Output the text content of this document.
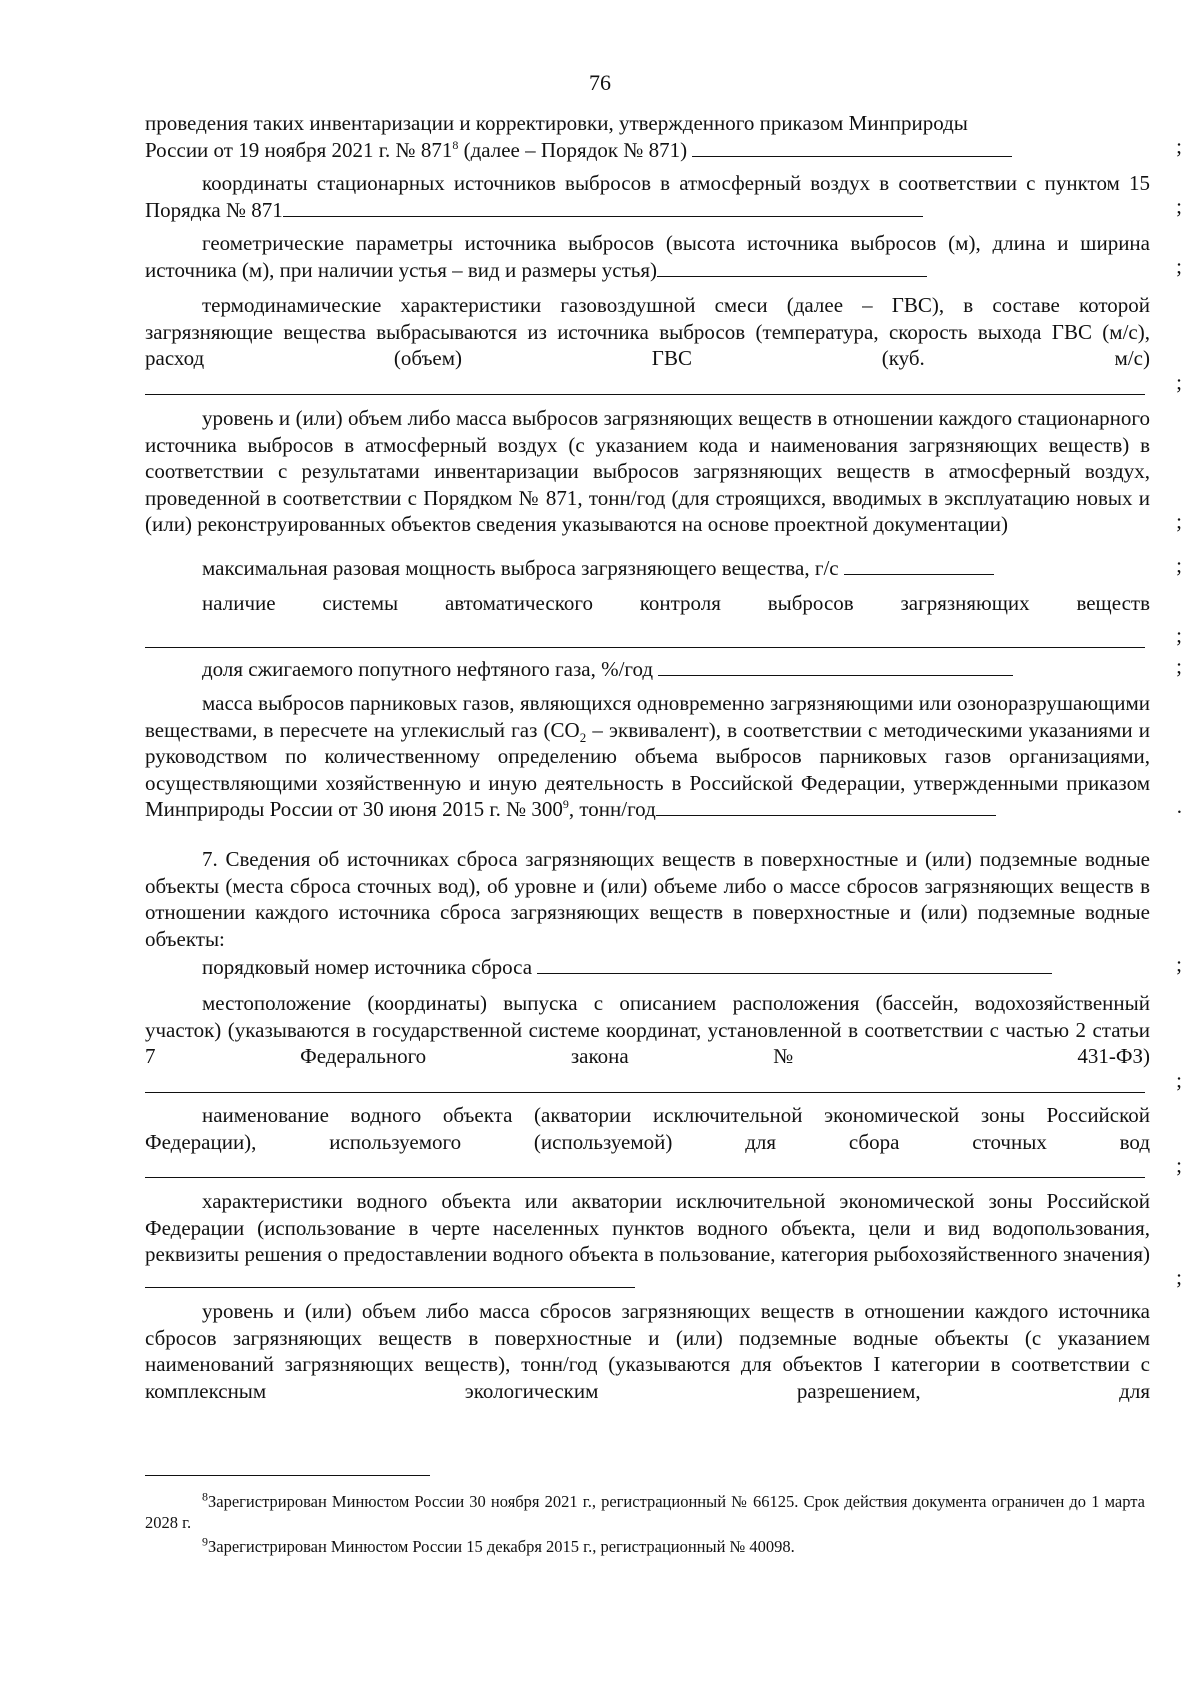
76
проведения таких инвентаризации и корректировки, утвержденного приказом Минприроды
России от 19 ноября 2021 г. № $871^8$ (далее – Порядок № 871)	;
координаты стационарных источников выбросов в атмосферный воздух в соответствии с пунктом 15 Порядка № 871	;
геометрические параметры источника выбросов (высота источника выбросов (м), длина и ширина источника (м), при наличии устья – вид и размеры устья)	;
термодинамические характеристики газовоздушной смеси (далее – ГВС), в составе которой загрязняющие вещества выбрасываются из источника выбросов (температура, скорость выхода ГВС (м/с), расход (объем) ГВС (куб. м/с)
;
уровень и (или) объем либо масса выбросов загрязняющих веществ в отношении каждого стационарного источника выбросов в атмосферный воздух (с указанием кода и наименования загрязняющих веществ) в соответствии с результатами инвентаризации выбросов загрязняющих веществ в атмосферный воздух, проведенной в соответствии с Порядком № 871, тонн/год (для строящихся, вводимых в эксплуатацию новых и (или) реконструированных объектов сведения указываются на основе проектной документации)	;
максимальная разовая мощность выброса загрязняющего вещества, г/с	;
наличие системы автоматического контроля выбросов загрязняющих веществ
;
доля сжигаемого попутного нефтяного газа, %/год	;
масса выбросов парниковых газов, являющихся одновременно загрязняющими или озоноразрушающими веществами, в пересчете на углекислый газ ($CO_2$ – эквивалент), в соответствии с методическими указаниями и руководством по количественному определению объема выбросов парниковых газов организациями, осуществляющими хозяйственную и иную деятельность в Российской Федерации, утвержденными приказом Минприроды России от 30 июня 2015 г. № $300^9$, тонн/год	.
7. Сведения об источниках сброса загрязняющих веществ в поверхностные и (или) подземные водные объекты (места сброса сточных вод), об уровне и (или) объеме либо о массе сбросов загрязняющих веществ в отношении каждого источника сброса загрязняющих веществ в поверхностные и (или) подземные водные объекты:
порядковый номер источника сброса	;
местоположение (координаты) выпуска с описанием расположения (бассейн, водохозяйственный участок) (указываются в государственной системе координат, установленной в соответствии с частью 2 статьи 7 Федерального закона № 431-ФЗ)
;
наименование водного объекта (акватории исключительной экономической зоны Российской Федерации), используемого (используемой) для сбора сточных вод
;
характеристики водного объекта или акватории исключительной экономической зоны Российской Федерации (использование в черте населенных пунктов водного объекта, цели и вид водопользования, реквизиты решения о предоставлении водного объекта в пользование, категория рыбохозяйственного значения)
;
уровень и (или) объем либо масса сбросов загрязняющих веществ в отношении каждого источника сбросов загрязняющих веществ в поверхностные и (или) подземные водные объекты (с указанием наименований загрязняющих веществ), тонн/год (указываются для объектов I категории в соответствии с комплексным экологическим разрешением, для
$^8$Зарегистрирован Минюстом России 30 ноября 2021 г., регистрационный № 66125. Срок действия документа ограничен до 1 марта 2028 г.
$^9$Зарегистрирован Минюстом России 15 декабря 2015 г., регистрационный № 40098.
